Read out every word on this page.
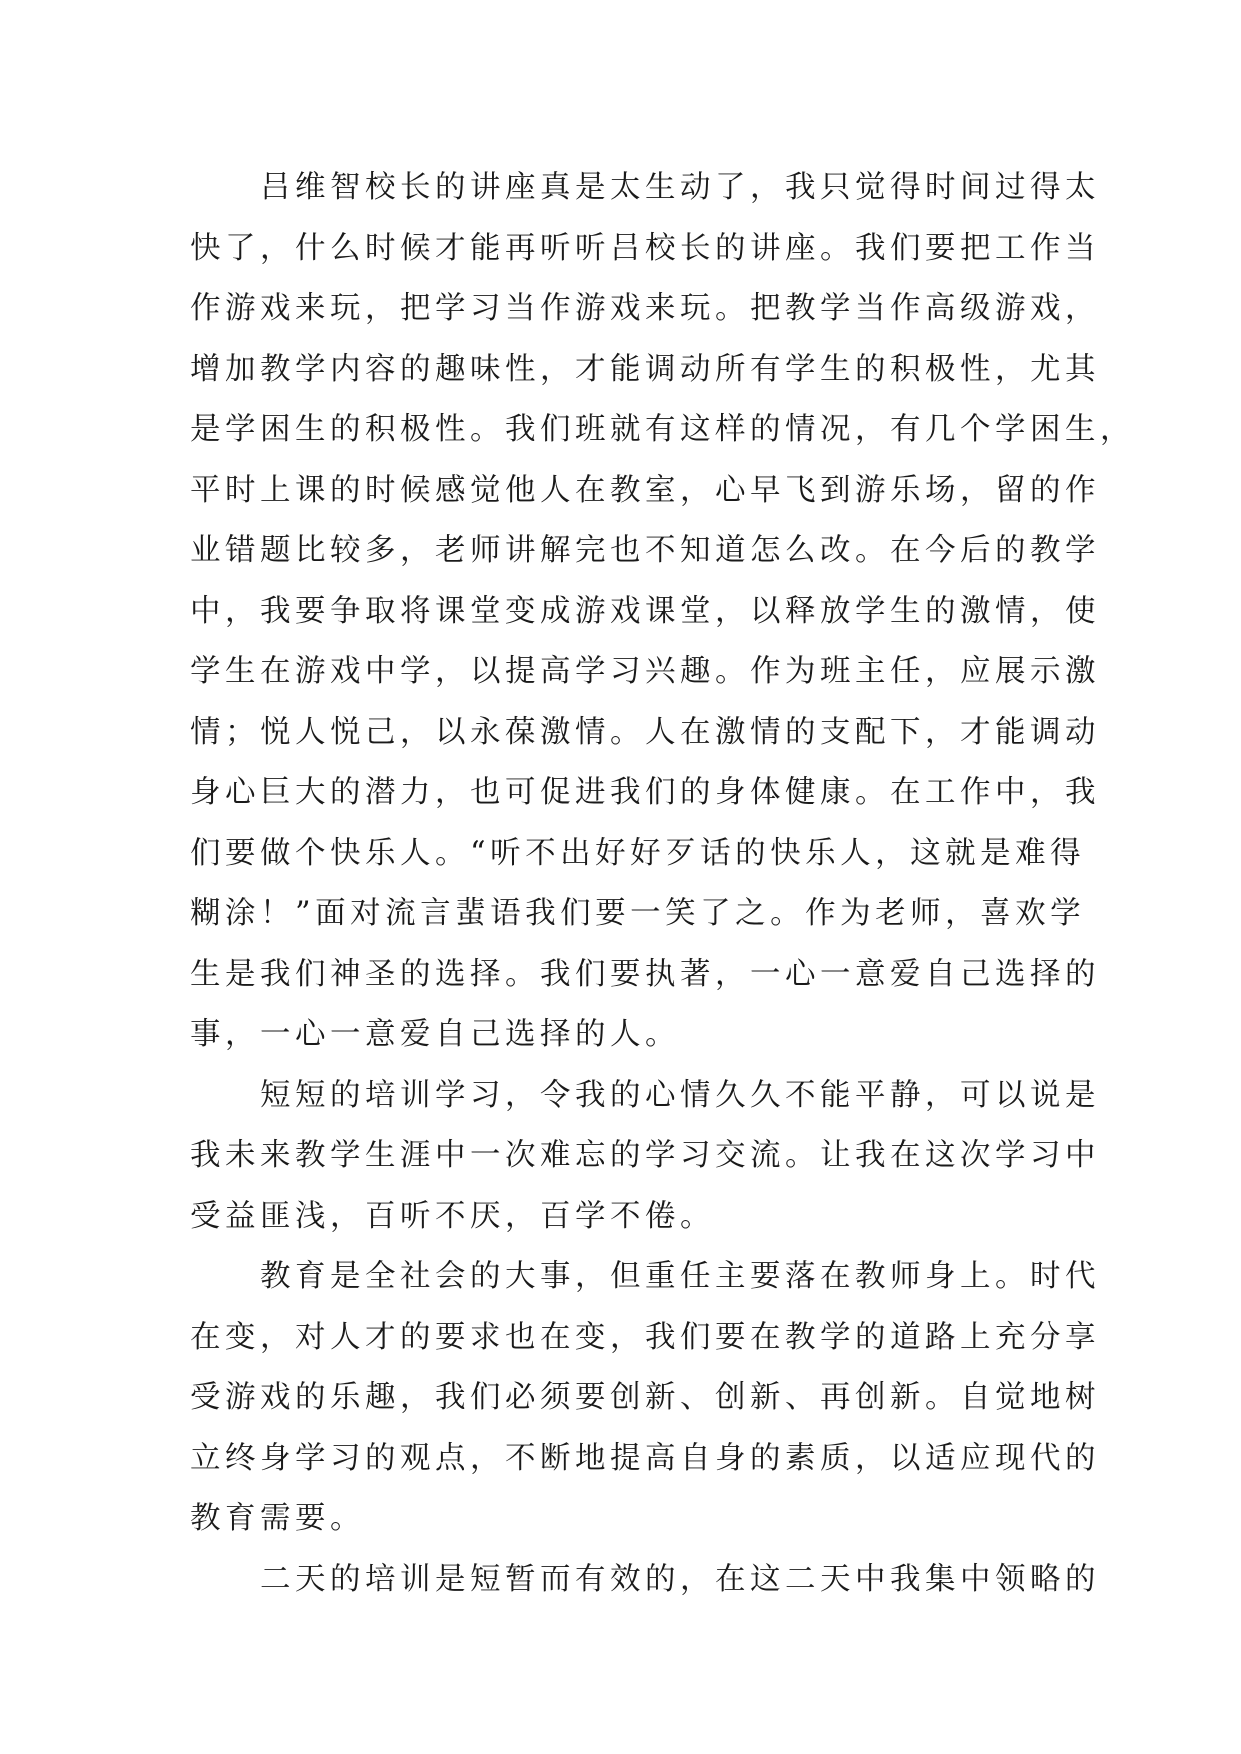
吕维智校长的讲座真是太生动了，我只觉得时间过得太
快了，什么时候才能再听听吕校长的讲座。我们要把工作当
作游戏来玩，把学习当作游戏来玩。把教学当作高级游戏，
增加教学内容的趣味性，才能调动所有学生的积极性，尤其
是学困生的积极性。我们班就有这样的情况，有几个学困生，
平时上课的时候感觉他人在教室，心早飞到游乐场，留的作
业错题比较多，老师讲解完也不知道怎么改。在今后的教学
中，我要争取将课堂变成游戏课堂，以释放学生的激情，使
学生在游戏中学，以提高学习兴趣。作为班主任，应展示激
情；悦人悦己，以永葆激情。人在激情的支配下，才能调动
身心巨大的潜力，也可促进我们的身体健康。在工作中，我
们要做个快乐人。“听不出好好歹话的快乐人，这就是难得
糊涂！”面对流言蜚语我们要一笑了之。作为老师，喜欢学
生是我们神圣的选择。我们要执著，一心一意爱自己选择的
事，一心一意爱自己选择的人。
短短的培训学习，令我的心情久久不能平静，可以说是
我未来教学生涯中一次难忘的学习交流。让我在这次学习中
受益匪浅，百听不厌，百学不倦。
教育是全社会的大事，但重任主要落在教师身上。时代
在变，对人才的要求也在变，我们要在教学的道路上充分享
受游戏的乐趣，我们必须要创新、创新、再创新。自觉地树
立终身学习的观点，不断地提高自身的素质，以适应现代的
教育需要。
二天的培训是短暂而有效的，在这二天中我集中领略的
